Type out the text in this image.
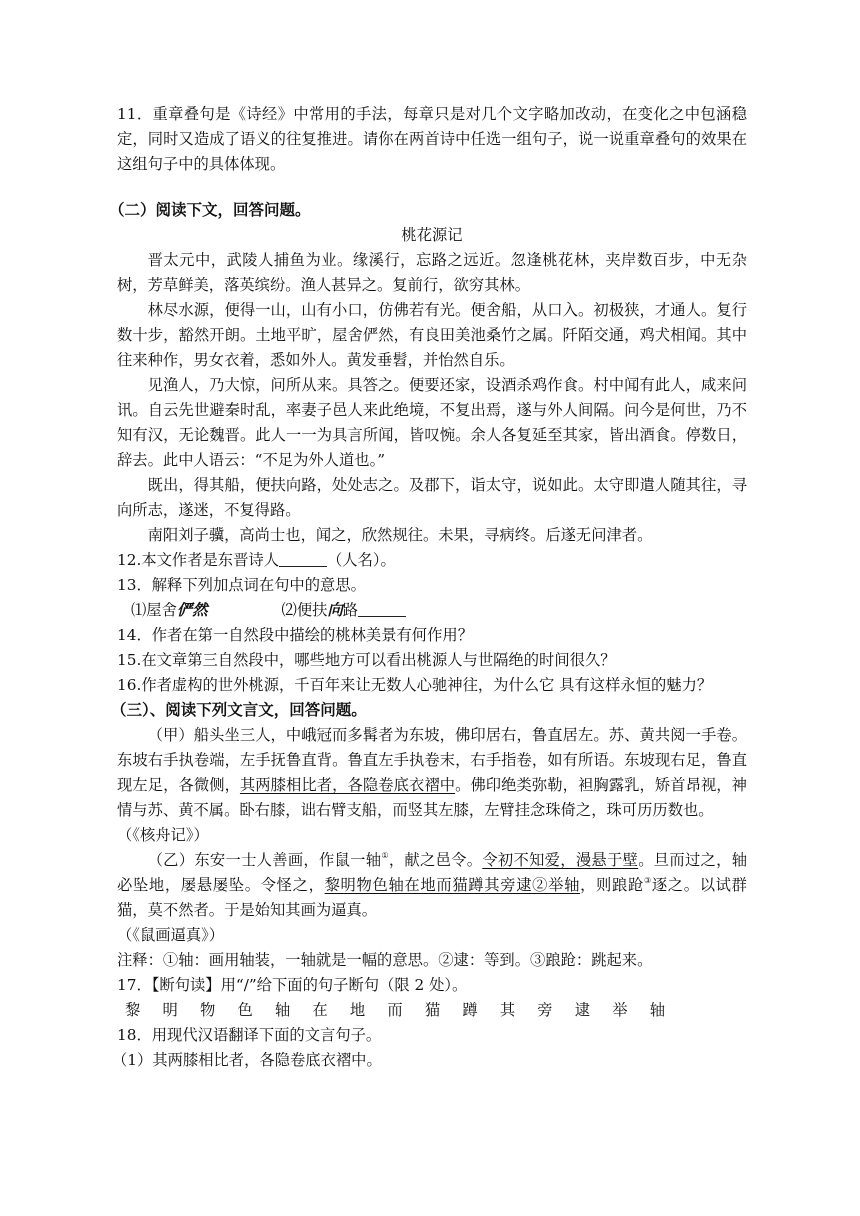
11．重章叠句是《诗经》中常用的手法，每章只是对几个文字略加改动，在变化之中包涵稳定，同时又造成了语义的往复推进。请你在两首诗中任选一组句子，说一说重章叠句的效果在这组句子中的具体体现。

（二）阅读下文，回答问题。

桃花源记

晋太元中，武陵人捕鱼为业。缘溪行，忘路之远近。忽逢桃花林，夹岸数百步，中无杂树，芳草鲜美，落英缤纷。渔人甚异之。复前行，欲穷其林。

林尽水源，便得一山，山有小口，仿佛若有光。便舍船，从口入。初极狭，才通人。复行数十步，豁然开朗。土地平旷，屋舍俨然，有良田美池桑竹之属。阡陌交通，鸡犬相闻。其中往来种作，男女衣着，悉如外人。黄发垂髫，并怡然自乐。

见渔人，乃大惊，问所从来。具答之。便要还家，设酒杀鸡作食。村中闻有此人，咸来问讯。自云先世避秦时乱，率妻子邑人来此绝境，不复出焉，遂与外人间隔。问今是何世，乃不知有汉，无论魏晋。此人一一为具言所闻，皆叹惋。余人各复延至其家，皆出酒食。停数日，辞去。此中人语云：“不足为外人道也。”

既出，得其船，便扶向路，处处志之。及郡下，诣太守，说如此。太守即遣人随其往，寻向所志，遂迷，不复得路。

南阳刘子骥，高尚士也，闻之，欣然规往。未果，寻病终。后遂无问津者。

12.本文作者是东晋诗人	（人名）。

13．解释下列加点词在句中的意思。

⑴屋舍俨然	⑵便扶向路

14．作者在第一自然段中描绘的桃林美景有何作用？

15.在文章第三自然段中，哪些地方可以看出桃源人与世隔绝的时间很久？

16.作者虚构的世外桃源，千百年来让无数人心驰神往，为什么它 具有这样永恒的魅力？

（三）、阅读下列文言文，回答问题。

（甲）船头坐三人，中峨冠而多髯者为东坡，佛印居右，鲁直居左。苏、黄共阅一手卷。东坡右手执卷端，左手抚鲁直背。鲁直左手执卷末，右手指卷，如有所语。东坡现右足，鲁直现左足，各微侧，其两膝相比者，各隐卷底衣褶中。佛印绝类弥勒，袒胸露乳，矫首昂视，神情与苏、黄不属。卧右膝，诎右臂支船，而竖其左膝，左臂挂念珠倚之，珠可历历数也。

（《核舟记》）

（乙）东安一士人善画，作鼠一轴①，献之邑令。令初不知爱，漫悬于壁。旦而过之，轴必坠地，屡悬屡坠。令怪之，黎明物色轴在地而猫蹲其旁逮②举轴，则踉跄③逐之。以试群猫，莫不然者。于是始知其画为逼真。

（《鼠画逼真》）

注释：①轴：画用轴装，一轴就是一幅的意思。②逮：等到。③踉跄：跳起来。

17．【断句读】用“/”给下面的句子断句（限 2 处）。

黎明物色轴在地而猫蹲其旁逮举轴

18．用现代汉语翻译下面的文言句子。

（1）其两膝相比者，各隐卷底衣褶中。
